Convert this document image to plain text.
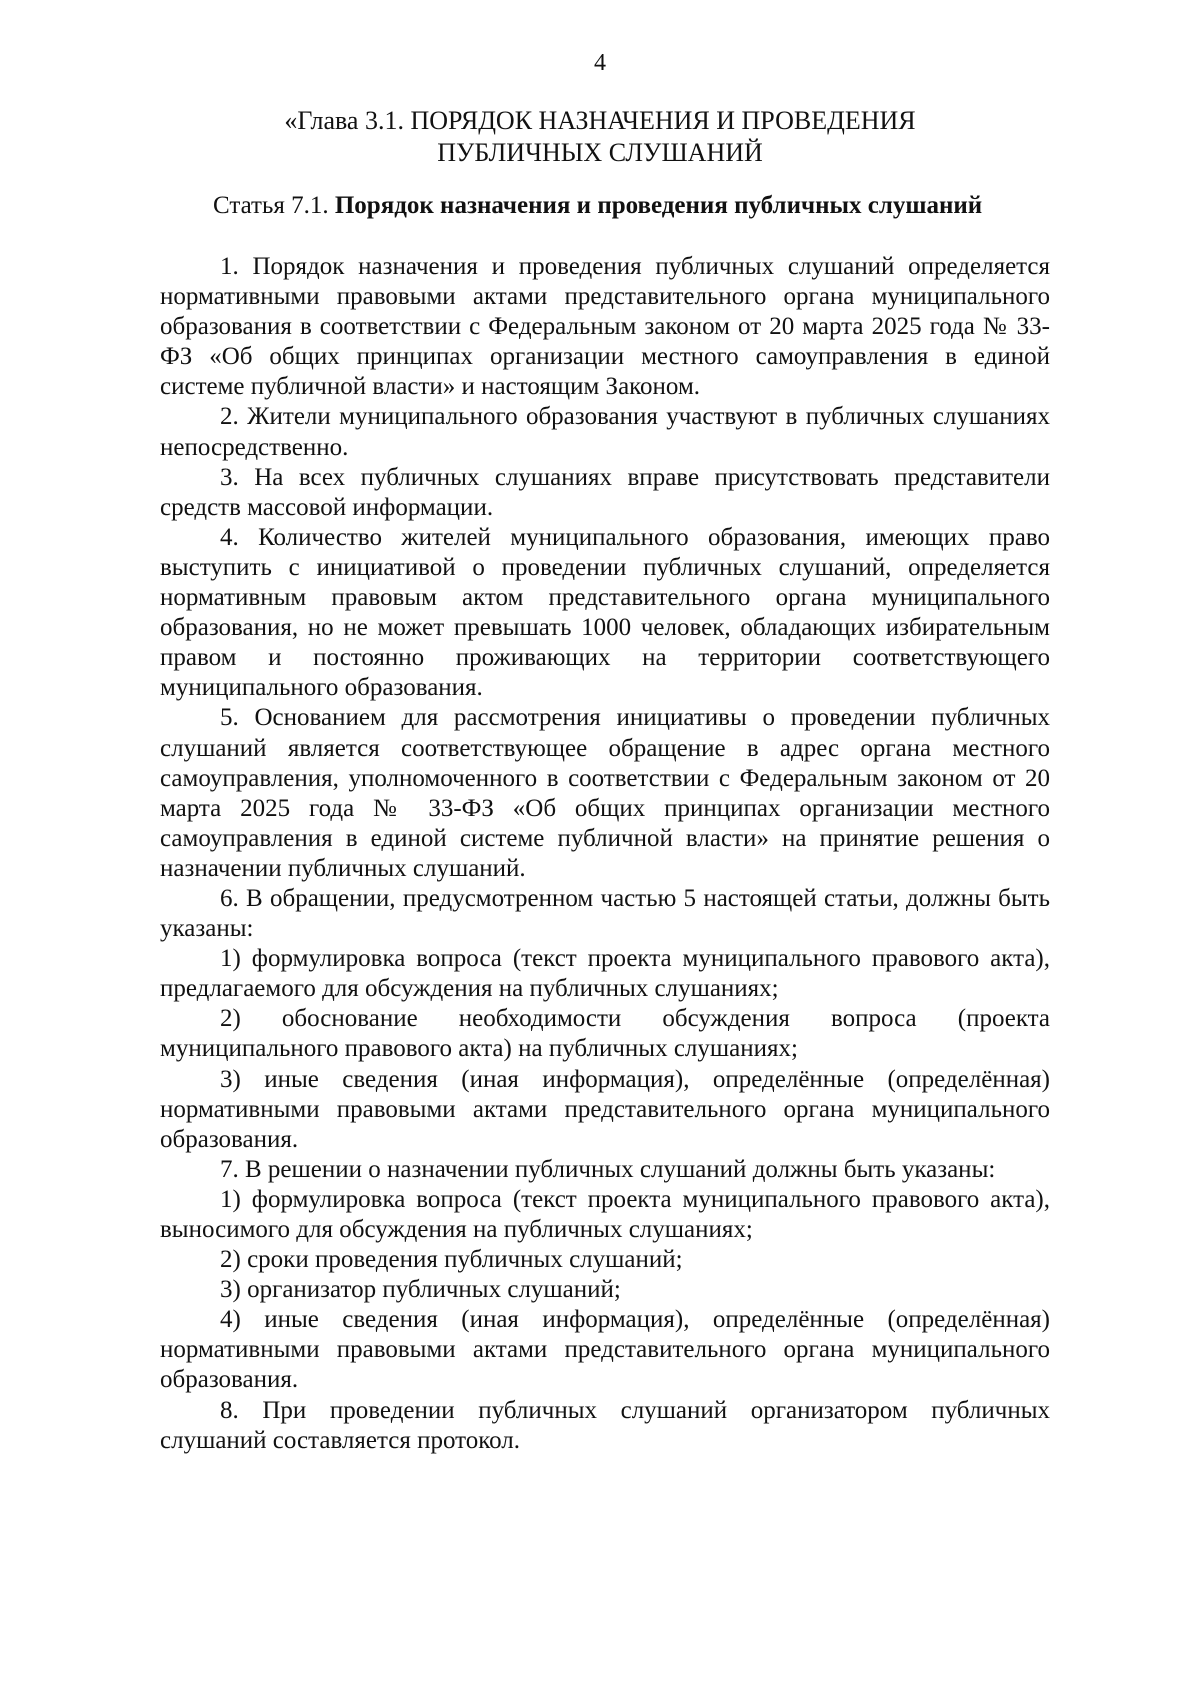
4
«Глава 3.1. ПОРЯДОК НАЗНАЧЕНИЯ И ПРОВЕДЕНИЯ
ПУБЛИЧНЫХ СЛУШАНИЙ
Статья 7.1. Порядок назначения и проведения публичных слушаний

1. Порядок назначения и проведения публичных слушаний определяется нормативными правовыми актами представительного органа муниципального образования в соответствии с Федеральным законом от 20 марта 2025 года № 33-ФЗ «Об общих принципах организации местного самоуправления в единой системе публичной власти» и настоящим Законом.

2. Жители муниципального образования участвуют в публичных слушаниях непосредственно.

3. На всех публичных слушаниях вправе присутствовать представители средств массовой информации.

4. Количество жителей муниципального образования, имеющих право выступить с инициативой о проведении публичных слушаний, определяется нормативным правовым актом представительного органа муниципального образования, но не может превышать 1000 человек, обладающих избирательным правом и постоянно проживающих на территории соответствующего муниципального образования.

5. Основанием для рассмотрения инициативы о проведении публичных слушаний является соответствующее обращение в адрес органа местного самоуправления, уполномоченного в соответствии с Федеральным законом от 20 марта 2025 года № 33-ФЗ «Об общих принципах организации местного самоуправления в единой системе публичной власти» на принятие решения о назначении публичных слушаний.

6. В обращении, предусмотренном частью 5 настоящей статьи, должны быть указаны:

1) формулировка вопроса (текст проекта муниципального правового акта), предлагаемого для обсуждения на публичных слушаниях;

2) обоснование необходимости обсуждения вопроса (проекта муниципального правового акта) на публичных слушаниях;

3) иные сведения (иная информация), определённые (определённая) нормативными правовыми актами представительного органа муниципального образования.

7. В решении о назначении публичных слушаний должны быть указаны:

1) формулировка вопроса (текст проекта муниципального правового акта), выносимого для обсуждения на публичных слушаниях;

2) сроки проведения публичных слушаний;

3) организатор публичных слушаний;

4) иные сведения (иная информация), определённые (определённая) нормативными правовыми актами представительного органа муниципального образования.

8. При проведении публичных слушаний организатором публичных слушаний составляется протокол.
